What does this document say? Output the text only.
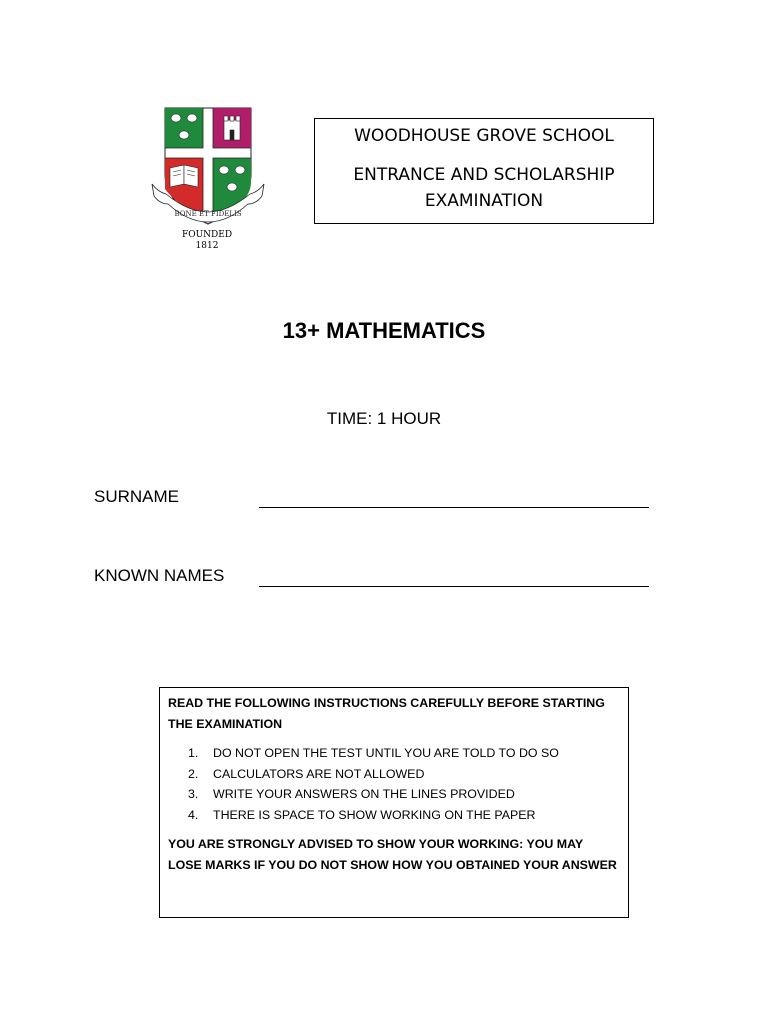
BONE ET FIDELIS
FOUNDED
1812
WOODHOUSE GROVE SCHOOL
ENTRANCE AND SCHOLARSHIP
EXAMINATION
13+ MATHEMATICS
TIME: 1 HOUR
SURNAME
KNOWN NAMES
READ THE FOLLOWING INSTRUCTIONS CAREFULLY BEFORE STARTING THE EXAMINATION
1.	DO NOT OPEN THE TEST UNTIL YOU ARE TOLD TO DO SO
2.	CALCULATORS ARE NOT ALLOWED
3.	WRITE YOUR ANSWERS ON THE LINES PROVIDED
4.	THERE IS SPACE TO SHOW WORKING ON THE PAPER
YOU ARE STRONGLY ADVISED TO SHOW YOUR WORKING: YOU MAY LOSE MARKS IF YOU DO NOT SHOW HOW YOU OBTAINED YOUR ANSWER
